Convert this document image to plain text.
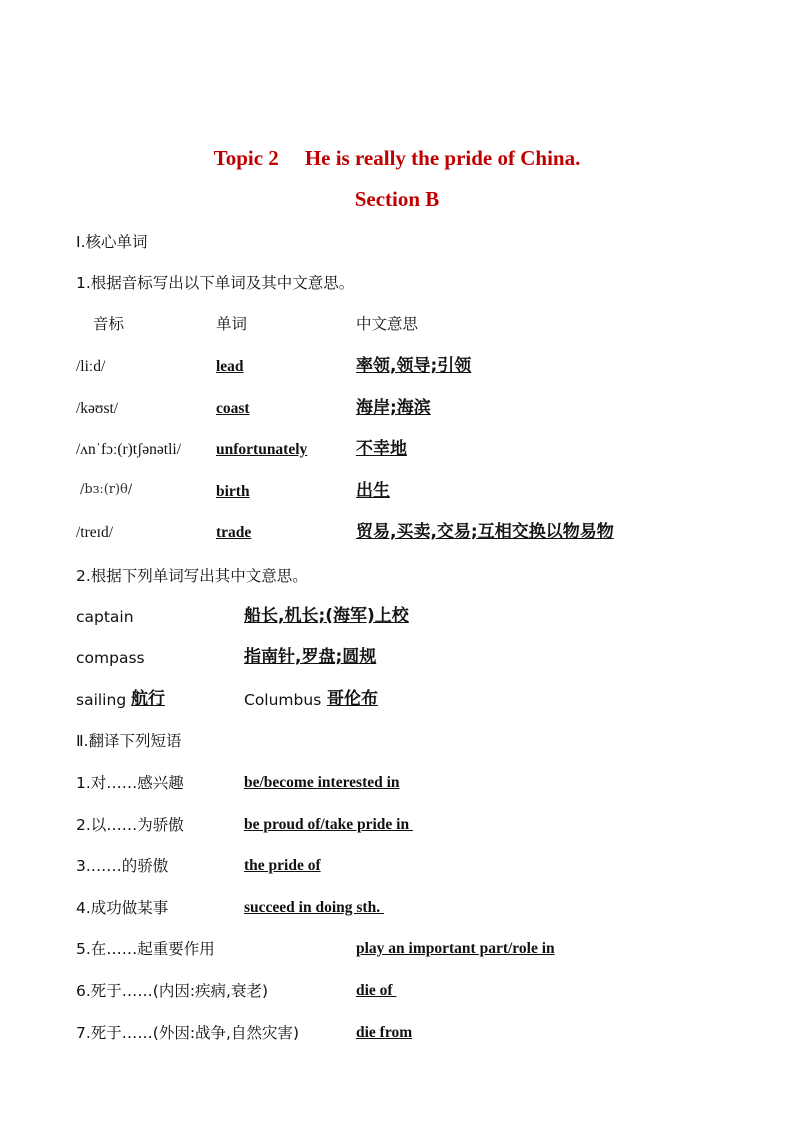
Topic 2 He is really the pride of China.
Section B
Ⅰ.核心单词
1.根据音标写出以下单词及其中文意思。
音标	单词	中文意思
/liːd/	lead	率领,领导;引领
/kəʊst/	coast	海岸;海滨
/ʌnˈfɔː(r)tʃənətli/ unfortunately	不幸地
/bɜː(r)θ/	birth	出生
/treɪd/	trade	贸易,买卖,交易;互相交换以物易物
2.根据下列单词写出其中文意思。
captain	船长,机长;(海军)上校
compass	指南针,罗盘;圆规
sailing 航行	Columbus 哥伦布
Ⅱ.翻译下列短语
1.对……感兴趣	be/become interested in
2.以……为骄傲	be proud of/take pride in
3.……的骄傲	the pride of
4.成功做某事	succeed in doing sth.
5.在……起重要作用	play an important part/role in
6.死于……(内因:疾病,衰老)	die of
7.死于……(外因:战争,自然灾害)	die from
